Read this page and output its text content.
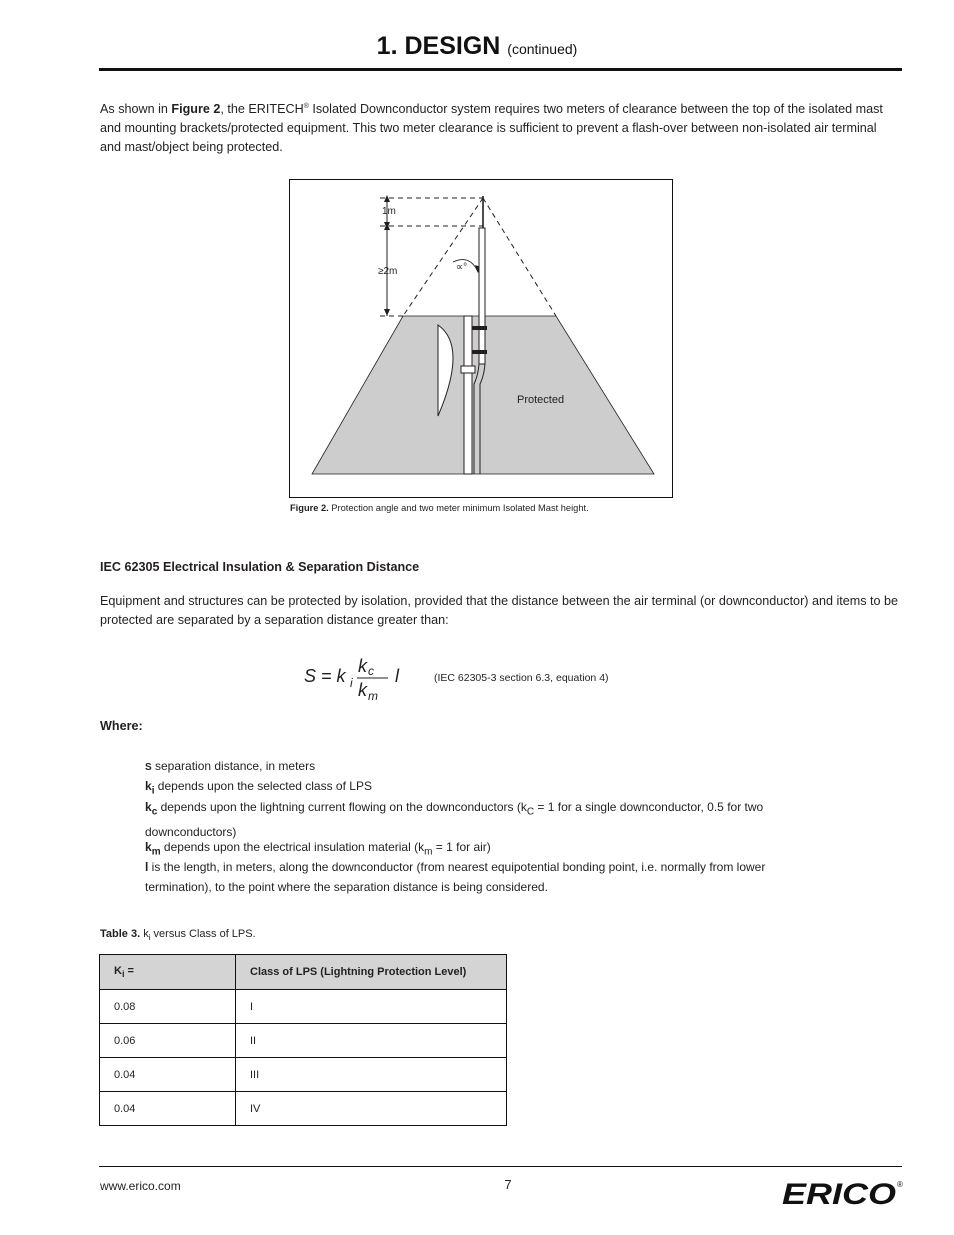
1. DESIGN (continued)
As shown in Figure 2, the ERITECH® Isolated Downconductor system requires two meters of clearance between the top of the isolated mast and mounting brackets/protected equipment. This two meter clearance is sufficient to prevent a flash-over between non-isolated air terminal and mast/object being protected.
1m
≥2m	∝°
Protected
Figure 2. Protection angle and two meter minimum Isolated Mast height.
IEC 62305 Electrical Insulation & Separation Distance
Equipment and structures can be protected by isolation, provided that the distance between the air terminal (or downconductor) and items to be protected are separated by a separation distance greater than:
S = k i
k c
k m
l	(IEC 62305-3 section 6.3, equation 4)
Where:
S separation distance, in meters
$k_i$ depends upon the selected class of LPS
$k_c$ depends upon the lightning current flowing on the downconductors ($k_C = 1$ for a single downconductor, 0.5 for two downconductors)
$k_m$ depends upon the electrical insulation material ($k_m = 1$ for air)
l is the length, in meters, along the downconductor (from nearest equipotential bonding point, i.e. normally from lower termination), to the point where the separation distance is being considered.
Table 3. $k_i$ versus Class of LPS.
$K_i$ =	Class of LPS (Lightning Protection Level)
0.08	I
0.06	II
0.04	III
0.04	IV
www.erico.com	7	ERICO ®
